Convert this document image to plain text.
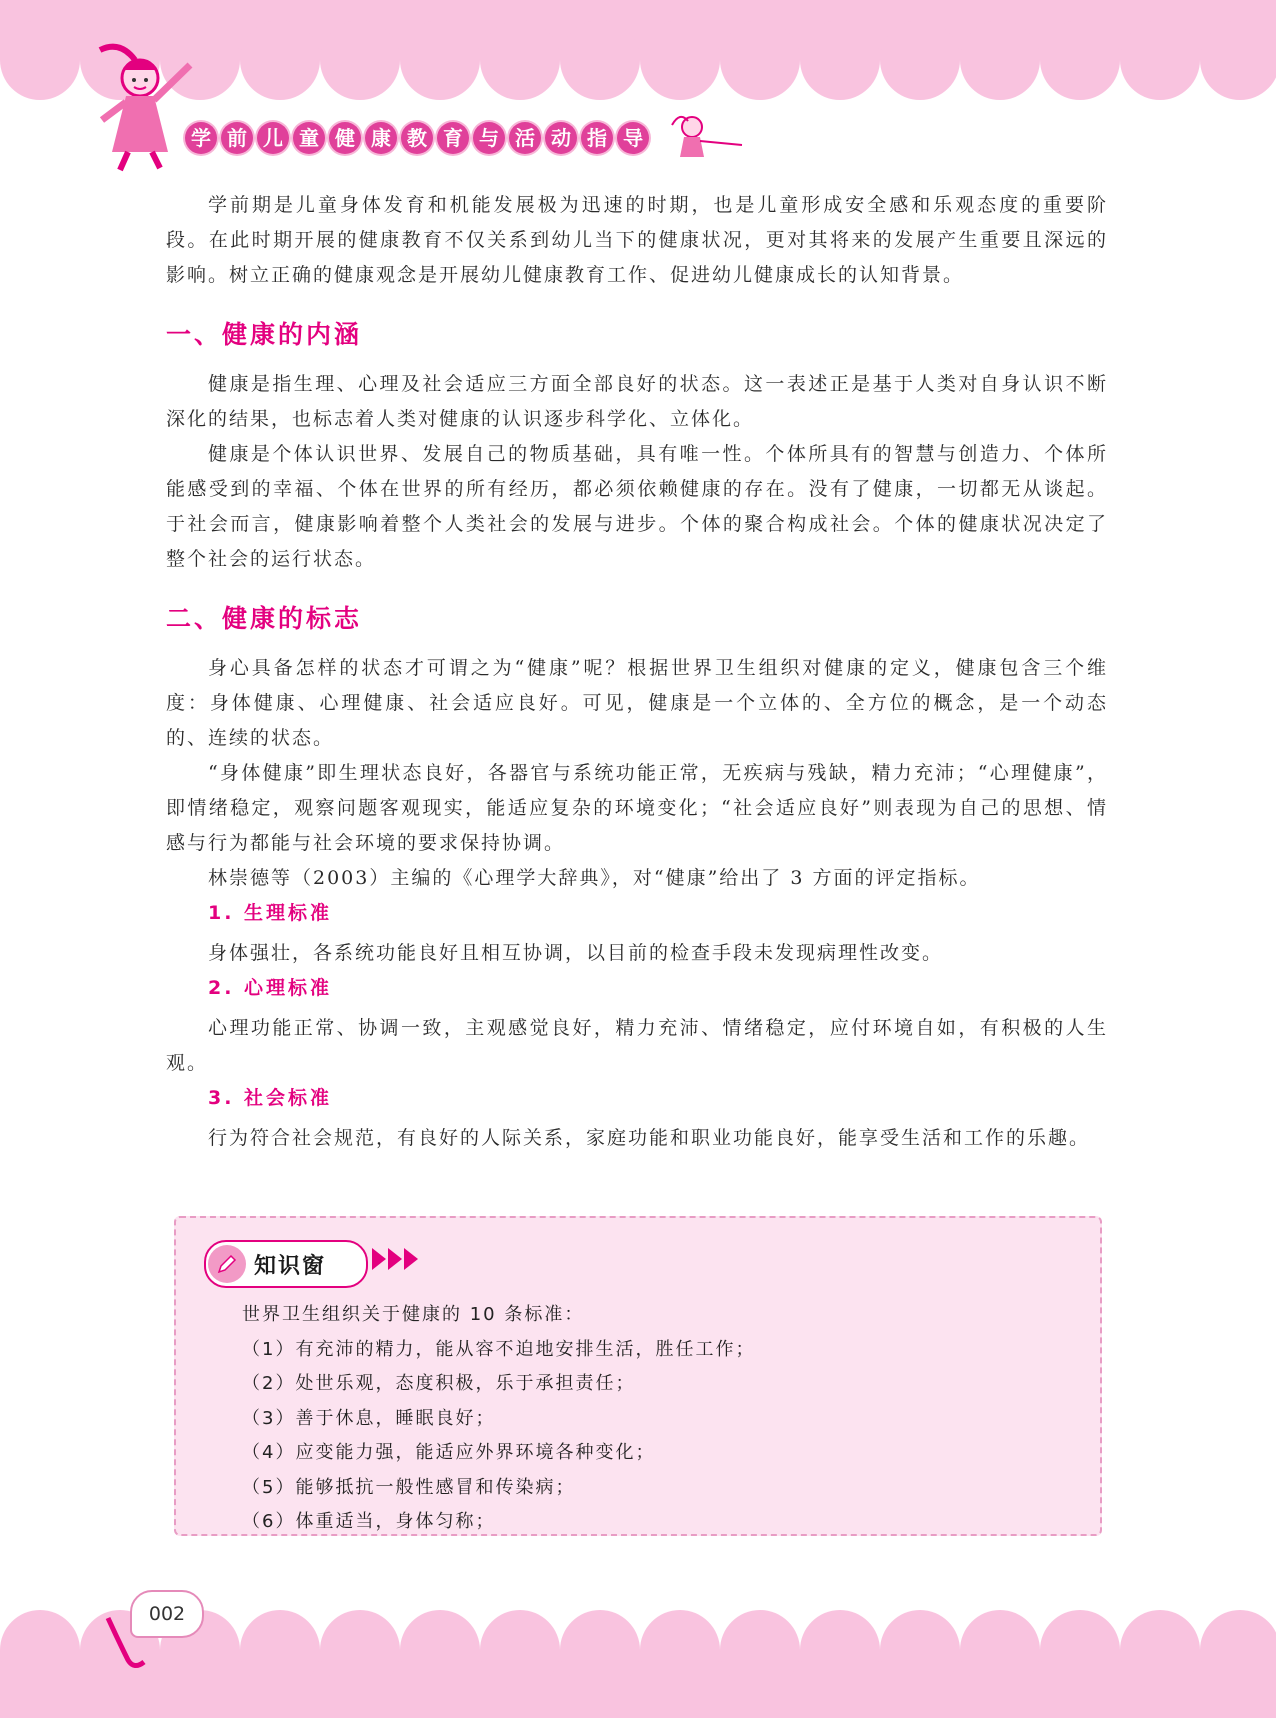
学 前 儿 童 健 康 教 育 与 活 动 指 导

学前期是儿童身体发育和机能发展极为迅速的时期，也是儿童形成安全感和乐观态度的重要阶段。在此时期开展的健康教育不仅关系到幼儿当下的健康状况，更对其将来的发展产生重要且深远的影响。树立正确的健康观念是开展幼儿健康教育工作、促进幼儿健康成长的认知背景。

一、健康的内涵

健康是指生理、心理及社会适应三方面全部良好的状态。这一表述正是基于人类对自身认识不断深化的结果，也标志着人类对健康的认识逐步科学化、立体化。

健康是个体认识世界、发展自己的物质基础，具有唯一性。个体所具有的智慧与创造力、个体所能感受到的幸福、个体在世界的所有经历，都必须依赖健康的存在。没有了健康，一切都无从谈起。于社会而言，健康影响着整个人类社会的发展与进步。个体的聚合构成社会。个体的健康状况决定了整个社会的运行状态。

二、健康的标志

身心具备怎样的状态才可谓之为“健康”呢？根据世界卫生组织对健康的定义，健康包含三个维度：身体健康、心理健康、社会适应良好。可见，健康是一个立体的、全方位的概念，是一个动态的、连续的状态。

“身体健康”即生理状态良好，各器官与系统功能正常，无疾病与残缺，精力充沛；“心理健康”，即情绪稳定，观察问题客观现实，能适应复杂的环境变化；“社会适应良好”则表现为自己的思想、情感与行为都能与社会环境的要求保持协调。

林崇德等（2003）主编的《心理学大辞典》，对“健康”给出了 3 方面的评定指标。

1. 生理标准

身体强壮，各系统功能良好且相互协调，以目前的检查手段未发现病理性改变。

2. 心理标准

心理功能正常、协调一致，主观感觉良好，精力充沛、情绪稳定，应付环境自如，有积极的人生观。

3. 社会标准

行为符合社会规范，有良好的人际关系，家庭功能和职业功能良好，能享受生活和工作的乐趣。

知识窗
世界卫生组织关于健康的 10 条标准：
（1）有充沛的精力，能从容不迫地安排生活，胜任工作；
（2）处世乐观，态度积极，乐于承担责任；
（3）善于休息，睡眠良好；
（4）应变能力强，能适应外界环境各种变化；
（5）能够抵抗一般性感冒和传染病；
（6）体重适当，身体匀称；
002
